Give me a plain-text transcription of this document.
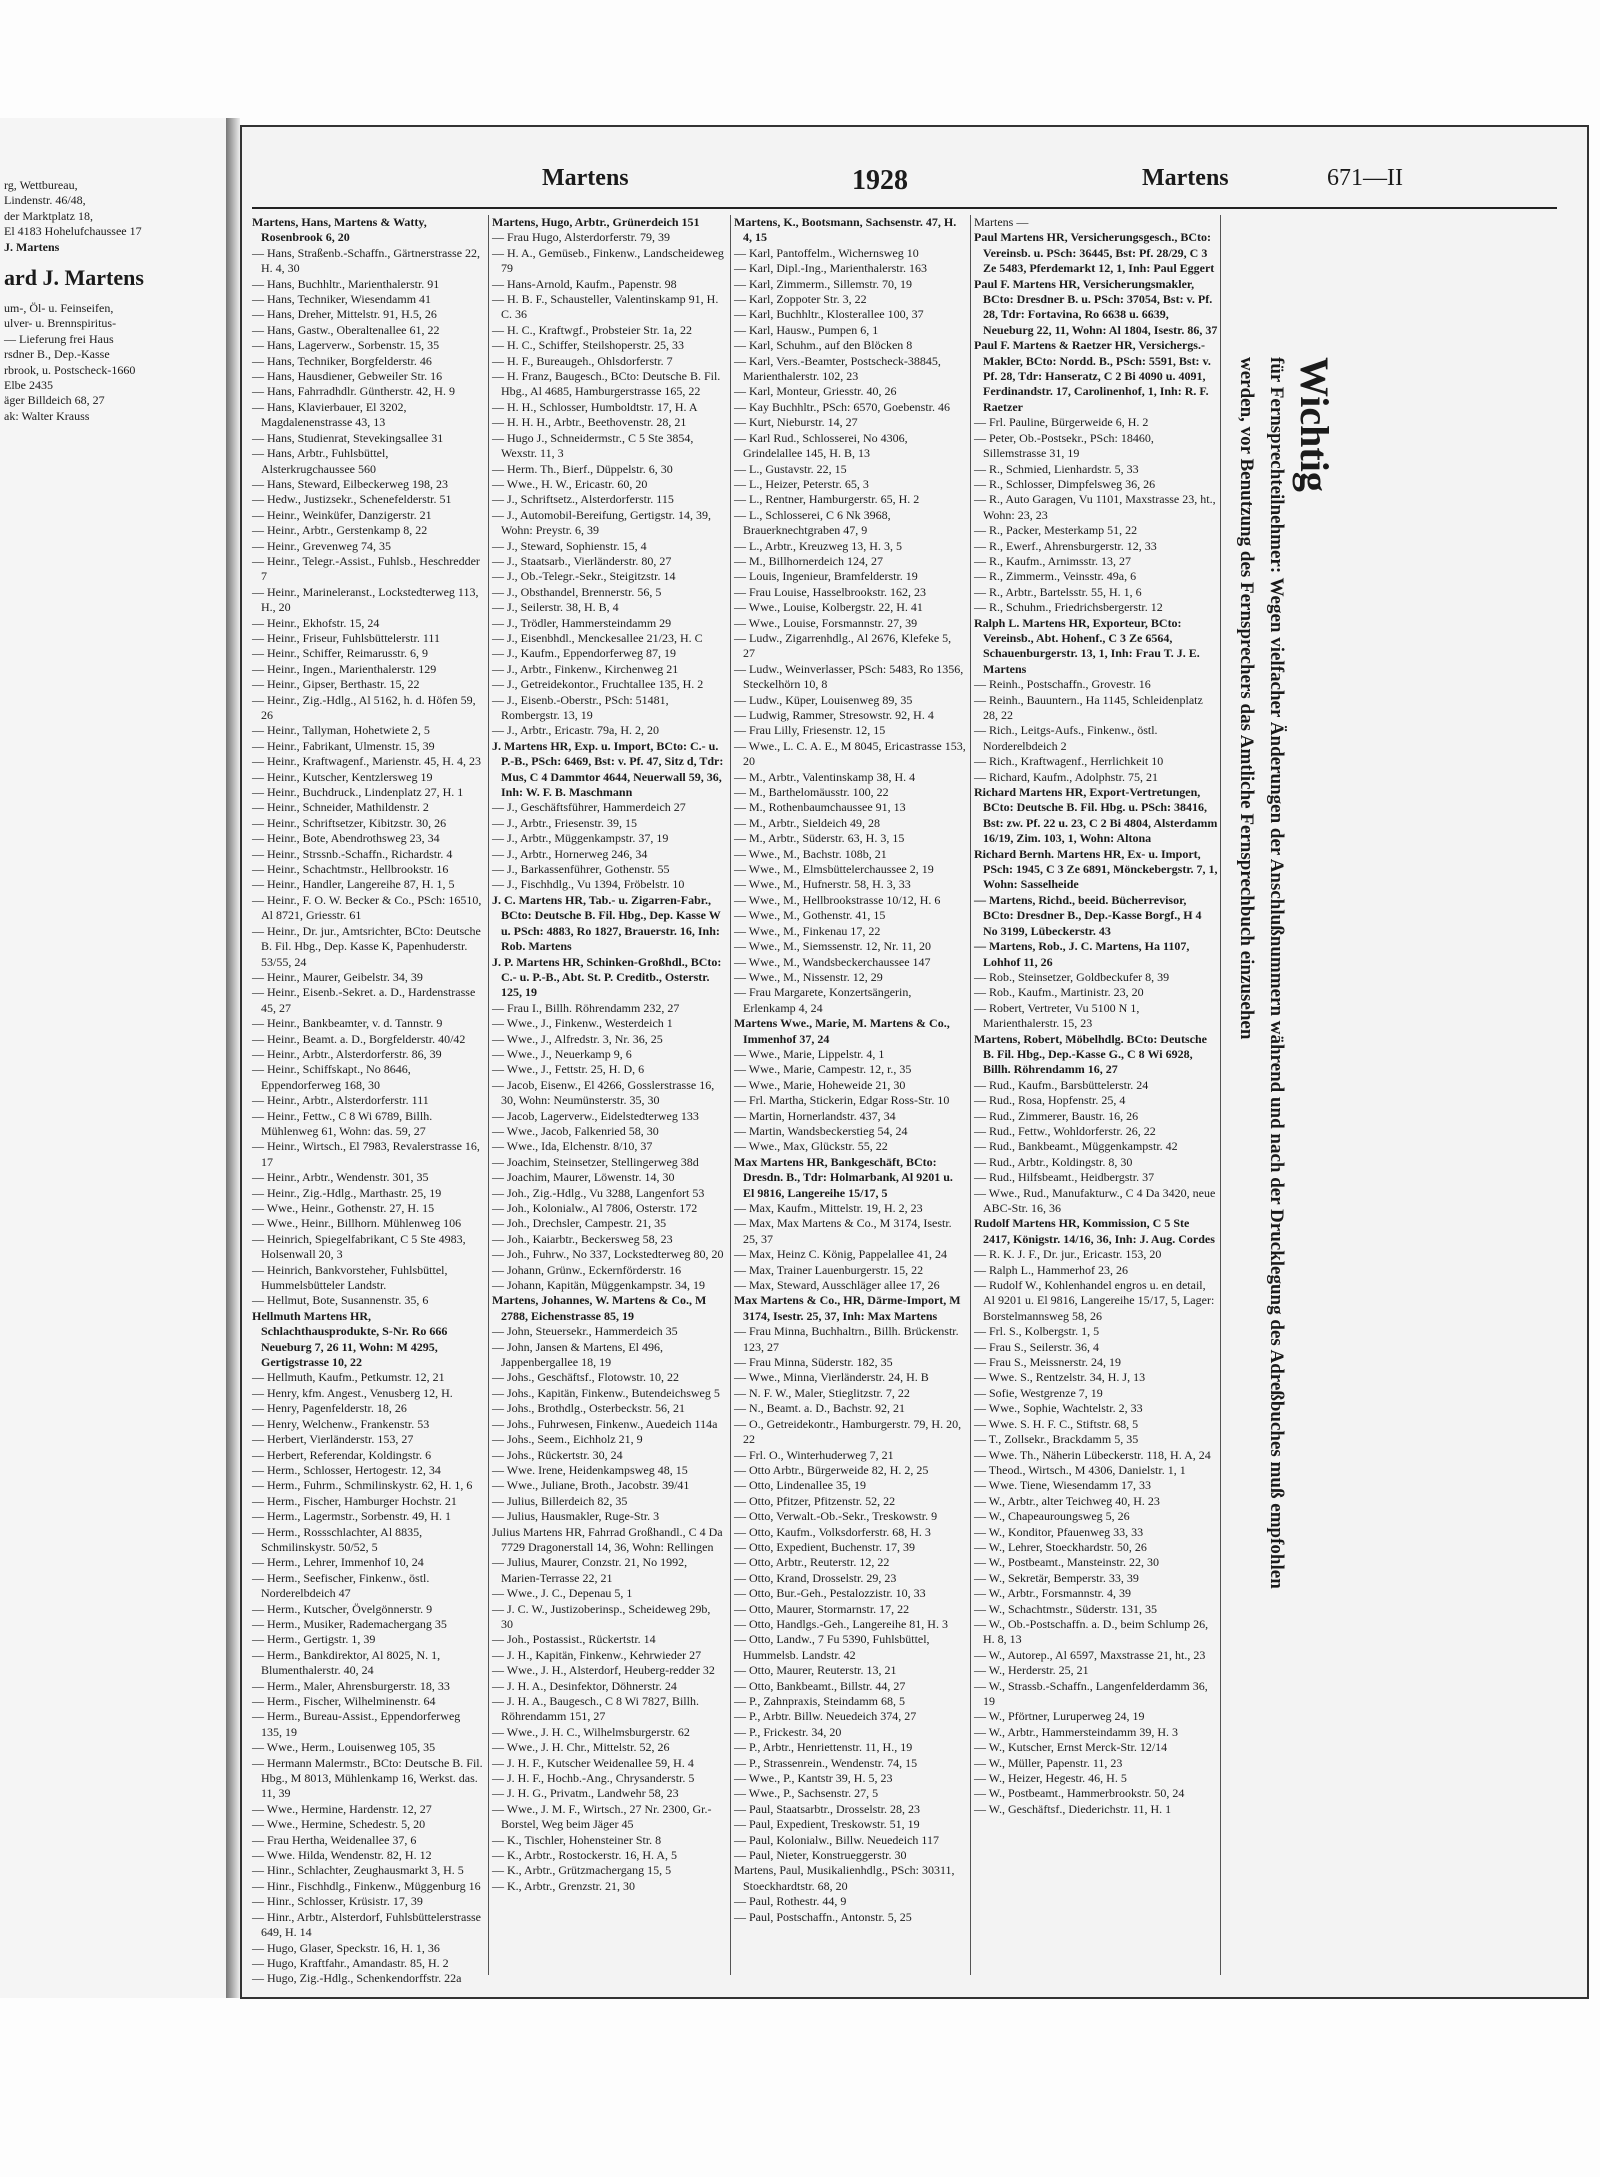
rg, Wettbureau,
Lindenstr. 46/48,
der Marktplatz 18,
El 4183 Hohelufchaussee 17
J. Martens
ard J. Martens
um-, Öl- u. Feinseifen,
ulver- u. Brennspiritus-
— Lieferung frei Haus
rsdner B., Dep.-Kasse
rbrook, u. Postscheck-1660
Elbe 2435
äger Billdeich 68, 27
ak: Walter Krauss
Martens	1928	Martens	671—II

Martens, Hans, Martens & Watty, Rosenbrook 6, 20

— Hans, Straßenb.-Schaffn., Gärtnerstrasse 22, H. 4, 30

— Hans, Buchhltr., Marienthalerstr. 91

— Hans, Techniker, Wiesendamm 41

— Hans, Dreher, Mittelstr. 91, H.5, 26

— Hans, Gastw., Oberaltenallee 61, 22

— Hans, Lagerverw., Sorbenstr. 15, 35

— Hans, Techniker, Borgfelderstr. 46

— Hans, Hausdiener, Gebweiler Str. 16

— Hans, Fahrradhdlr. Güntherstr. 42, H. 9

— Hans, Klavierbauer, El 3202, Magdalenenstrasse 43, 13

— Hans, Studienrat, Stevekingsallee 31

— Hans, Arbtr., Fuhlsbüttel, Alsterkrugchaussee 560

— Hans, Steward, Eilbeckerweg 198, 23

— Hedw., Justizsekr., Schenefelderstr. 51

— Heinr., Weinküfer, Danzigerstr. 21

— Heinr., Arbtr., Gerstenkamp 8, 22

— Heinr., Grevenweg 74, 35

— Heinr., Telegr.-Assist., Fuhlsb., Heschredder 7

— Heinr., Marineleranst., Lockstedterweg 113, H., 20

— Heinr., Ekhofstr. 15, 24

— Heinr., Friseur, Fuhlsbüttelerstr. 111

— Heinr., Schiffer, Reimarusstr. 6, 9

— Heinr., Ingen., Marienthalerstr. 129

— Heinr., Gipser, Berthastr. 15, 22

— Heinr., Zig.-Hdlg., Al 5162, h. d. Höfen 59, 26

— Heinr., Tallyman, Hohetwiete 2, 5

— Heinr., Fabrikant, Ulmenstr. 15, 39

— Heinr., Kraftwagenf., Marienstr. 45, H. 4, 23

— Heinr., Kutscher, Kentzlersweg 19

— Heinr., Buchdruck., Lindenplatz 27, H. 1

— Heinr., Schneider, Mathildenstr. 2

— Heinr., Schriftsetzer, Kibitzstr. 30, 26

— Heinr., Bote, Abendrothsweg 23, 34

— Heinr., Strssnb.-Schaffn., Richardstr. 4

— Heinr., Schachtmstr., Hellbrookstr. 16

— Heinr., Handler, Langereihe 87, H. 1, 5

— Heinr., F. O. W. Becker & Co., PSch: 16510, Al 8721, Griesstr. 61

— Heinr., Dr. jur., Amtsrichter, BCto: Deutsche B. Fil. Hbg., Dep. Kasse K, Papenhuderstr. 53/55, 24

— Heinr., Maurer, Geibelstr. 34, 39

— Heinr., Eisenb.-Sekret. a. D., Hardenstrasse 45, 27

— Heinr., Bankbeamter, v. d. Tannstr. 9

— Heinr., Beamt. a. D., Borgfelderstr. 40/42

— Heinr., Arbtr., Alsterdorferstr. 86, 39

— Heinr., Schiffskapt., No 8646, Eppendorferweg 168, 30

— Heinr., Arbtr., Alsterdorferstr. 111

— Heinr., Fettw., C 8 Wi 6789, Billh. Mühlenweg 61, Wohn: das. 59, 27

— Heinr., Wirtsch., El 7983, Revalerstrasse 16, 17

— Heinr., Arbtr., Wendenstr. 301, 35

— Heinr., Zig.-Hdlg., Marthastr. 25, 19

— Wwe., Heinr., Gothenstr. 27, H. 15

— Wwe., Heinr., Billhorn. Mühlenweg 106

— Heinrich, Spiegelfabrikant, C 5 Ste 4983, Holsenwall 20, 3

— Heinrich, Bankvorsteher, Fuhlsbüttel, Hummelsbütteler Landstr.

— Hellmut, Bote, Susannenstr. 35, 6

Hellmuth Martens HR, Schlachthausprodukte, S-Nr. Ro 666 Neueburg 7, 26 11, Wohn: M 4295, Gertigstrasse 10, 22

— Hellmuth, Kaufm., Petkumstr. 12, 21

— Henry, kfm. Angest., Venusberg 12, H.

— Henry, Pagenfelderstr. 18, 26

— Henry, Welchenw., Frankenstr. 53

— Herbert, Vierländerstr. 153, 27

— Herbert, Referendar, Koldingstr. 6

— Herm., Schlosser, Hertogestr. 12, 34

— Herm., Fuhrm., Schmilinskystr. 62, H. 1, 6

— Herm., Fischer, Hamburger Hochstr. 21

— Herm., Lagermstr., Sorbenstr. 49, H. 1

— Herm., Rossschlachter, Al 8835, Schmilinskystr. 50/52, 5

— Herm., Lehrer, Immenhof 10, 24

— Herm., Seefischer, Finkenw., östl. Norderelbdeich 47

— Herm., Kutscher, Övelgönnerstr. 9

— Herm., Musiker, Rademachergang 35

— Herm., Gertigstr. 1, 39

— Herm., Bankdirektor, Al 8025, N. 1, Blumenthalerstr. 40, 24

— Herm., Maler, Ahrensburgerstr. 18, 33

— Herm., Fischer, Wilhelminenstr. 64

— Herm., Bureau-Assist., Eppendorferweg 135, 19

— Wwe., Herm., Louisenweg 105, 35

— Hermann Malermstr., BCto: Deutsche B. Fil. Hbg., M 8013, Mühlenkamp 16, Werkst. das. 11, 39

— Wwe., Hermine, Hardenstr. 12, 27

— Wwe., Hermine, Schedestr. 5, 20

— Frau Hertha, Weidenallee 37, 6

— Wwe. Hilda, Wendenstr. 82, H. 12

— Hinr., Schlachter, Zeughausmarkt 3, H. 5

— Hinr., Fischhdlg., Finkenw., Müggenburg 16

— Hinr., Schlosser, Krüsistr. 17, 39

— Hinr., Arbtr., Alsterdorf, Fuhlsbüttelerstrasse 649, H. 14

— Hugo, Glaser, Speckstr. 16, H. 1, 36

— Hugo, Kraftfahr., Amandastr. 85, H. 2

— Hugo, Zig.-Hdlg., Schenkendorffstr. 22a

Martens, Hugo, Arbtr., Grünerdeich 151

— Frau Hugo, Alsterdorferstr. 79, 39

— H. A., Gemüseb., Finkenw., Landscheideweg 79

— Hans-Arnold, Kaufm., Papenstr. 98

— H. B. F., Schausteller, Valentinskamp 91, H. C. 36

— H. C., Kraftwgf., Probsteier Str. 1a, 22

— H. C., Schiffer, Steilshoperstr. 25, 33

— H. F., Bureaugeh., Ohlsdorferstr. 7

— H. Franz, Baugesch., BCto: Deutsche B. Fil. Hbg., Al 4685, Hamburgerstrasse 165, 22

— H. H., Schlosser, Humboldtstr. 17, H. A

— H. H. H., Arbtr., Beethovenstr. 28, 21

— Hugo J., Schneidermstr., C 5 Ste 3854, Wexstr. 11, 3

— Herm. Th., Bierf., Düppelstr. 6, 30

— Wwe., H. W., Ericastr. 60, 20

— J., Schriftsetz., Alsterdorferstr. 115

— J., Automobil-Bereifung, Gertigstr. 14, 39, Wohn: Preystr. 6, 39

— J., Steward, Sophienstr. 15, 4

— J., Staatsarb., Vierländerstr. 80, 27

— J., Ob.-Telegr.-Sekr., Steigitzstr. 14

— J., Obsthandel, Brennerstr. 56, 5

— J., Seilerstr. 38, H. B, 4

— J., Trödler, Hammersteindamm 29

— J., Eisenbhdl., Menckesallee 21/23, H. C

— J., Kaufm., Eppendorferweg 87, 19

— J., Arbtr., Finkenw., Kirchenweg 21

— J., Getreidekontor., Fruchtallee 135, H. 2

— J., Eisenb.-Oberstr., PSch: 51481, Rombergstr. 13, 19

— J., Arbtr., Ericastr. 79a, H. 2, 20

J. Martens HR, Exp. u. Import, BCto: C.- u. P.-B., PSch: 6469, Bst: v. Pf. 47, Sitz d, Tdr: Mus, C 4 Dammtor 4644, Neuerwall 59, 36, Inh: W. F. B. Maschmann

— J., Geschäftsführer, Hammerdeich 27

— J., Arbtr., Friesenstr. 39, 15

— J., Arbtr., Müggenkampstr. 37, 19

— J., Arbtr., Hornerweg 246, 34

— J., Barkassenführer, Gothenstr. 55

— J., Fischhdlg., Vu 1394, Fröbelstr. 10

J. C. Martens HR, Tab.- u. Zigarren-Fabr., BCto: Deutsche B. Fil. Hbg., Dep. Kasse W u. PSch: 4883, Ro 1827, Brauerstr. 16, Inh: Rob. Martens

J. P. Martens HR, Schinken-Großhdl., BCto: C.- u. P.-B., Abt. St. P. Creditb., Osterstr. 125, 19

— Frau I., Billh. Röhrendamm 232, 27

— Wwe., J., Finkenw., Westerdeich 1

— Wwe., J., Alfredstr. 3, Nr. 36, 25

— Wwe., J., Neuerkamp 9, 6

— Wwe., J., Fettstr. 25, H. D, 6

— Jacob, Eisenw., El 4266, Gosslerstrasse 16, 30, Wohn: Neumünsterstr. 35, 30

— Jacob, Lagerverw., Eidelstedterweg 133

— Wwe., Jacob, Falkenried 58, 30

— Wwe., Ida, Elchenstr. 8/10, 37

— Joachim, Steinsetzer, Stellingerweg 38d

— Joachim, Maurer, Löwenstr. 14, 30

— Joh., Zig.-Hdlg., Vu 3288, Langenfort 53

— Joh., Kolonialw., Al 7806, Osterstr. 172

— Joh., Drechsler, Campestr. 21, 35

— Joh., Kaiarbtr., Beckersweg 58, 23

— Joh., Fuhrw., No 337, Lockstedterweg 80, 20

— Johann, Grünw., Eckernförderstr. 16

— Johann, Kapitän, Müggenkampstr. 34, 19

Martens, Johannes, W. Martens & Co., M 2788, Eichenstrasse 85, 19

— John, Steuersekr., Hammerdeich 35

— John, Jansen & Martens, El 496, Jappenbergallee 18, 19

— Johs., Geschäftsf., Flotowstr. 10, 22

— Johs., Kapitän, Finkenw., Butendeichsweg 5

— Johs., Brothdlg., Osterbeckstr. 56, 21

— Johs., Fuhrwesen, Finkenw., Auedeich 114a

— Johs., Seem., Eichholz 21, 9

— Johs., Rückertstr. 30, 24

— Wwe. Irene, Heidenkampsweg 48, 15

— Wwe., Juliane, Broth., Jacobstr. 39/41

— Julius, Billerdeich 82, 35

— Julius, Hausmakler, Ruge-Str. 3

Julius Martens HR, Fahrrad Großhandl., C 4 Da 7729 Dragonerstall 14, 36, Wohn: Rellingen

— Julius, Maurer, Conzstr. 21, No 1992, Marien-Terrasse 22, 21

— Wwe., J. C., Depenau 5, 1

— J. C. W., Justizoberinsp., Scheideweg 29b, 30

— Joh., Postassist., Rückertstr. 14

— J. H., Kapitän, Finkenw., Kehrwieder 27

— Wwe., J. H., Alsterdorf, Heuberg-redder 32

— J. H. A., Desinfektor, Döhnerstr. 24

— J. H. A., Baugesch., C 8 Wi 7827, Billh. Röhrendamm 151, 27

— Wwe., J. H. C., Wilhelmsburgerstr. 62

— Wwe., J. H. Chr., Mittelstr. 52, 26

— J. H. F., Kutscher Weidenallee 59, H. 4

— J. H. F., Hochb.-Ang., Chrysanderstr. 5

— J. H. G., Privatm., Landwehr 58, 23

— Wwe., J. M. F., Wirtsch., 27 Nr. 2300, Gr.-Borstel, Weg beim Jäger 45

— K., Tischler, Hohensteiner Str. 8

— K., Arbtr., Rostockerstr. 16, H. A, 5

— K., Arbtr., Grützmachergang 15, 5

— K., Arbtr., Grenzstr. 21, 30

Martens, K., Bootsmann, Sachsenstr. 47, H. 4, 15

— Karl, Pantoffelm., Wichernsweg 10

— Karl, Dipl.-Ing., Marienthalerstr. 163

— Karl, Zimmerm., Sillemstr. 70, 19

— Karl, Zoppoter Str. 3, 22

— Karl, Buchhltr., Klosterallee 100, 37

— Karl, Hausw., Pumpen 6, 1

— Karl, Schuhm., auf den Blöcken 8

— Karl, Vers.-Beamter, Postscheck-38845, Marienthalerstr. 102, 23

— Karl, Monteur, Griesstr. 40, 26

— Kay Buchhltr., PSch: 6570, Goebenstr. 46

— Kurt, Nieburstr. 14, 27

— Karl Rud., Schlosserei, No 4306, Grindelallee 145, H. B, 13

— L., Gustavstr. 22, 15

— L., Heizer, Peterstr. 65, 3

— L., Rentner, Hamburgerstr. 65, H. 2

— L., Schlosserei, C 6 Nk 3968, Brauerknechtgraben 47, 9

— L., Arbtr., Kreuzweg 13, H. 3, 5

— M., Billhornerdeich 124, 27

— Louis, Ingenieur, Bramfelderstr. 19

— Frau Louise, Hasselbrookstr. 162, 23

— Wwe., Louise, Kolbergstr. 22, H. 41

— Wwe., Louise, Forsmannstr. 27, 39

— Ludw., Zigarrenhdlg., Al 2676, Klefeke 5, 27

— Ludw., Weinverlasser, PSch: 5483, Ro 1356, Steckelhörn 10, 8

— Ludw., Küper, Louisenweg 89, 35

— Ludwig, Rammer, Stresowstr. 92, H. 4

— Frau Lilly, Friesenstr. 12, 15

— Wwe., L. C. A. E., M 8045, Ericastrasse 153, 20

— M., Arbtr., Valentinskamp 38, H. 4

— M., Barthelomäusstr. 100, 22

— M., Rothenbaumchaussee 91, 13

— M., Arbtr., Sieldeich 49, 28

— M., Arbtr., Süderstr. 63, H. 3, 15

— Wwe., M., Bachstr. 108b, 21

— Wwe., M., Elmsbüttelerchaussee 2, 19

— Wwe., M., Hufnerstr. 58, H. 3, 33

— Wwe., M., Hellbrookstrasse 10/12, H. 6

— Wwe., M., Gothenstr. 41, 15

— Wwe., M., Finkenau 17, 22

— Wwe., M., Siemssenstr. 12, Nr. 11, 20

— Wwe., M., Wandsbeckerchaussee 147

— Wwe., M., Nissenstr. 12, 29

— Frau Margarete, Konzertsängerin, Erlenkamp 4, 24

Martens Wwe., Marie, M. Martens & Co., Immenhof 37, 24

— Wwe., Marie, Lippelstr. 4, 1

— Wwe., Marie, Campestr. 12, r., 35

— Wwe., Marie, Hoheweide 21, 30

— Frl. Martha, Stickerin, Edgar Ross-Str. 10

— Martin, Hornerlandstr. 437, 34

— Martin, Wandsbeckerstieg 54, 24

— Wwe., Max, Glückstr. 55, 22

Max Martens HR, Bankgeschäft, BCto: Dresdn. B., Tdr: Holmarbank, Al 9201 u. El 9816, Langereihe 15/17, 5

— Max, Kaufm., Mittelstr. 19, H. 2, 23

— Max, Max Martens & Co., M 3174, Isestr. 25, 37

— Max, Heinz C. König, Pappelallee 41, 24

— Max, Trainer Lauenburgerstr. 15, 22

— Max, Steward, Ausschläger allee 17, 26

Max Martens & Co., HR, Därme-Import, M 3174, Isestr. 25, 37, Inh: Max Martens

— Frau Minna, Buchhaltrn., Billh. Brückenstr. 123, 27

— Frau Minna, Süderstr. 182, 35

— Wwe., Minna, Vierländerstr. 24, H. B

— N. F. W., Maler, Stieglitzstr. 7, 22

— N., Beamt. a. D., Bachstr. 92, 21

— O., Getreidekontr., Hamburgerstr. 79, H. 20, 22

— Frl. O., Winterhuderweg 7, 21

— Otto Arbtr., Bürgerweide 82, H. 2, 25

— Otto, Lindenallee 35, 19

— Otto, Pfitzer, Pfitzenstr. 52, 22

— Otto, Verwalt.-Ob.-Sekr., Treskowstr. 9

— Otto, Kaufm., Volksdorferstr. 68, H. 3

— Otto, Expedient, Buchenstr. 17, 39

— Otto, Arbtr., Reuterstr. 12, 22

— Otto, Krand, Drosselstr. 29, 23

— Otto, Bur.-Geh., Pestalozzistr. 10, 33

— Otto, Maurer, Stormarnstr. 17, 22

— Otto, Handlgs.-Geh., Langereihe 81, H. 3

— Otto, Landw., 7 Fu 5390, Fuhlsbüttel, Hummelsb. Landstr. 42

— Otto, Maurer, Reuterstr. 13, 21

— Otto, Bankbeamt., Billstr. 44, 27

— P., Zahnpraxis, Steindamm 68, 5

— P., Arbtr. Billw. Neuedeich 374, 27

— P., Frickestr. 34, 20

— P., Arbtr., Henriettenstr. 11, H., 19

— P., Strassenrein., Wendenstr. 74, 15

— Wwe., P., Kantstr 39, H. 5, 23

— Wwe., P., Sachsenstr. 27, 5

— Paul, Staatsarbtr., Drosselstr. 28, 23

— Paul, Expedient, Treskowstr. 51, 19

— Paul, Kolonialw., Billw. Neuedeich 117

— Paul, Nieter, Konstrueggerstr. 30

Martens, Paul, Musikalienhdlg., PSch: 30311, Stoeckhardtstr. 68, 20

— Paul, Rothestr. 44, 9

— Paul, Postschaffn., Antonstr. 5, 25

Martens —

Paul Martens HR, Versicherungsgesch., BCto: Vereinsb. u. PSch: 36445, Bst: Pf. 28/29, C 3 Ze 5483, Pferdemarkt 12, 1, Inh: Paul Eggert

Paul F. Martens HR, Versicherungsmakler, BCto: Dresdner B. u. PSch: 37054, Bst: v. Pf. 28, Tdr: Fortavina, Ro 6638 u. 6639, Neueburg 22, 11, Wohn: Al 1804, Isestr. 86, 37

Paul F. Martens & Raetzer HR, Versichergs.-Makler, BCto: Nordd. B., PSch: 5591, Bst: v. Pf. 28, Tdr: Hanseratz, C 2 Bi 4090 u. 4091, Ferdinandstr. 17, Carolinenhof, 1, Inh: R. F. Raetzer

— Frl. Pauline, Bürgerweide 6, H. 2

— Peter, Ob.-Postsekr., PSch: 18460, Sillemstrasse 31, 19

— R., Schmied, Lienhardstr. 5, 33

— R., Schlosser, Dimpfelsweg 36, 26

— R., Auto Garagen, Vu 1101, Maxstrasse 23, ht., Wohn: 23, 23

— R., Packer, Mesterkamp 51, 22

— R., Ewerf., Ahrensburgerstr. 12, 33

— R., Kaufm., Arnimsstr. 13, 27

— R., Zimmerm., Veinsstr. 49a, 6

— R., Arbtr., Bartelsstr. 55, H. 1, 6

— R., Schuhm., Friedrichsbergerstr. 12

Ralph L. Martens HR, Exporteur, BCto: Vereinsb., Abt. Hohenf., C 3 Ze 6564, Schauenburgerstr. 13, 1, Inh: Frau T. J. E. Martens

— Reinh., Postschaffn., Grovestr. 16

— Reinh., Bauuntern., Ha 1145, Schleidenplatz 28, 22

— Rich., Leitgs-Aufs., Finkenw., östl. Norderelbdeich 2

— Rich., Kraftwagenf., Herrlichkeit 10

— Richard, Kaufm., Adolphstr. 75, 21

Richard Martens HR, Export-Vertretungen, BCto: Deutsche B. Fil. Hbg. u. PSch: 38416, Bst: zw. Pf. 22 u. 23, C 2 Bi 4804, Alsterdamm 16/19, Zim. 103, 1, Wohn: Altona

Richard Bernh. Martens HR, Ex- u. Import, PSch: 1945, C 3 Ze 6891, Mönckebergstr. 7, 1, Wohn: Sasselheide

— Martens, Richd., beeid. Bücherrevisor, BCto: Dresdner B., Dep.-Kasse Borgf., H 4 No 3199, Lübeckerstr. 43

— Martens, Rob., J. C. Martens, Ha 1107, Lohhof 11, 26

— Rob., Steinsetzer, Goldbeckufer 8, 39

— Rob., Kaufm., Martinistr. 23, 20

— Robert, Vertreter, Vu 5100 N 1, Marienthalerstr. 15, 23

Martens, Robert, Möbelhdlg. BCto: Deutsche B. Fil. Hbg., Dep.-Kasse G., C 8 Wi 6928, Billh. Röhrendamm 16, 27

— Rud., Kaufm., Barsbüttelerstr. 24

— Rud., Rosa, Hopfenstr. 25, 4

— Rud., Zimmerer, Baustr. 16, 26

— Rud., Fettw., Wohldorferstr. 26, 22

— Rud., Bankbeamt., Müggenkampstr. 42

— Rud., Arbtr., Koldingstr. 8, 30

— Rud., Hilfsbeamt., Heidbergstr. 37

— Wwe., Rud., Manufakturw., C 4 Da 3420, neue ABC-Str. 16, 36

Rudolf Martens HR, Kommission, C 5 Ste 2417, Königstr. 14/16, 36, Inh: J. Aug. Cordes

— R. K. J. F., Dr. jur., Ericastr. 153, 20

— Ralph L., Hammerhof 23, 26

— Rudolf W., Kohlenhandel engros u. en detail, Al 9201 u. El 9816, Langereihe 15/17, 5, Lager: Borstelmannsweg 58, 26

— Frl. S., Kolbergstr. 1, 5

— Frau S., Seilerstr. 36, 4

— Frau S., Meissnerstr. 24, 19

— Wwe. S., Rentzelstr. 34, H. J, 13

— Sofie, Westgrenze 7, 19

— Wwe., Sophie, Wachtelstr. 2, 33

— Wwe. S. H. F. C., Stiftstr. 68, 5

— T., Zollsekr., Brackdamm 5, 35

— Wwe. Th., Näherin Lübeckerstr. 118, H. A, 24

— Theod., Wirtsch., M 4306, Danielstr. 1, 1

— Wwe. Tiene, Wiesendamm 17, 33

— W., Arbtr., alter Teichweg 40, H. 23

— W., Chapeauroungsweg 5, 26

— W., Konditor, Pfauenweg 33, 33

— W., Lehrer, Stoeckhardstr. 50, 26

— W., Postbeamt., Mansteinstr. 22, 30

— W., Sekretär, Bemperstr. 33, 39

— W., Arbtr., Forsmannstr. 4, 39

— W., Schachtmstr., Süderstr. 131, 35

— W., Ob.-Postschaffn. a. D., beim Schlump 26, H. 8, 13

— W., Autorep., Al 6597, Maxstrasse 21, ht., 23

— W., Herderstr. 25, 21

— W., Strassb.-Schaffn., Langenfelderdamm 36, 19

— W., Pförtner, Luruperweg 24, 19

— W., Arbtr., Hammersteindamm 39, H. 3

— W., Kutscher, Ernst Merck-Str. 12/14

— W., Müller, Papenstr. 11, 23

— W., Heizer, Hegestr. 46, H. 5

— W., Postbeamt., Hammerbrookstr. 50, 24

— W., Geschäftsf., Diederichstr. 11, H. 1

Wichtig
für Fernsprechteilnehmer: Wegen vielfacher Änderungen der Anschlußnummern während und nach der Drucklegung des Adreßbuches muß empfohlen werden, vor Benutzung des Fernsprechers das Amtliche Fernsprechbuch einzusehen
